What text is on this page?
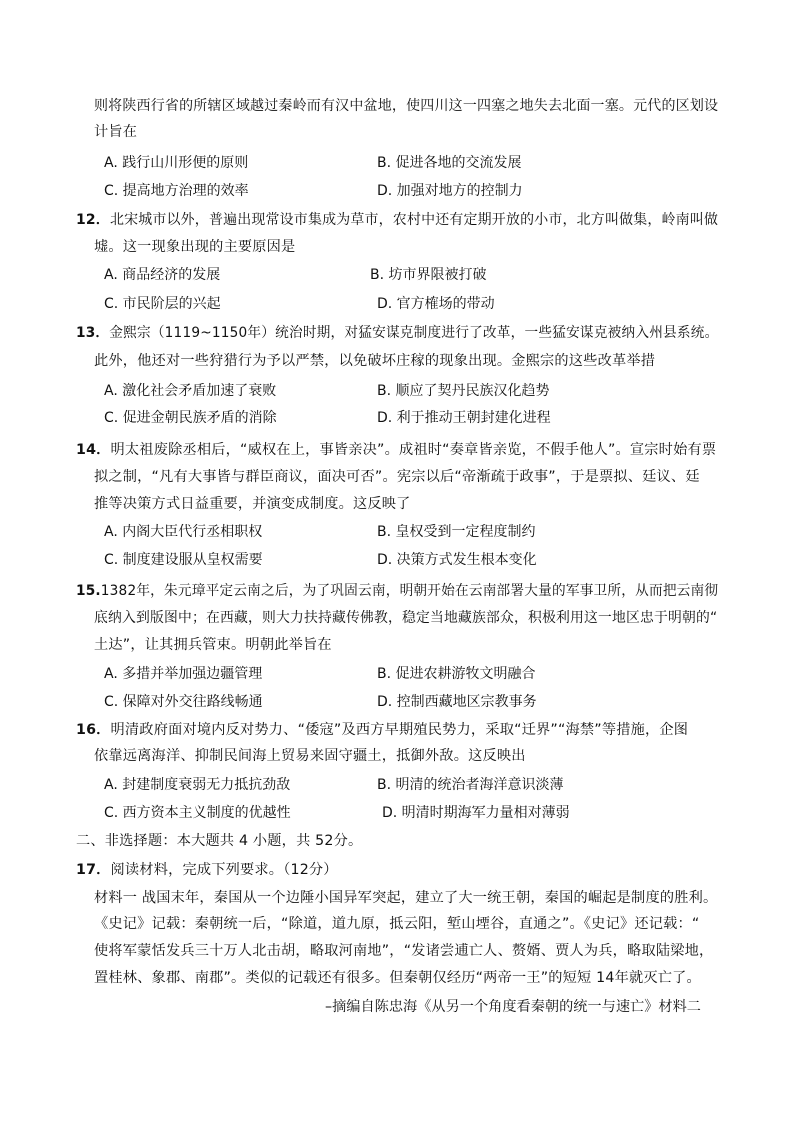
则将陕西行省的所辖区域越过秦岭而有汉中盆地，使四川这一四塞之地失去北面一塞。元代的区划设
计旨在
A. 践行山川形便的原则	B. 促进各地的交流发展
C. 提高地方治理的效率	D. 加强对地方的控制力
12．北宋城市以外，普遍出现常设市集成为草市，农村中还有定期开放的小市，北方叫做集，岭南叫做
墟。这一现象出现的主要原因是
A. 商品经济的发展	B. 坊市界限被打破
C. 市民阶层的兴起	D. 官方榷场的带动
13．金熙宗（1119~1150年）统治时期，对猛安谋克制度进行了改革，一些猛安谋克被纳入州县系统。
此外，他还对一些狩猎行为予以严禁，以免破坏庄稼的现象出现。金熙宗的这些改革举措
A. 激化社会矛盾加速了衰败	B. 顺应了契丹民族汉化趋势
C. 促进金朝民族矛盾的消除	D. 利于推动王朝封建化进程
14．明太祖废除丞相后，“威权在上，事皆亲决”。成祖时“奏章皆亲览，不假手他人”。宣宗时始有票
拟之制，“凡有大事皆与群臣商议，面决可否”。宪宗以后“帝渐疏于政事”，于是票拟、廷议、廷
推等决策方式日益重要，并演变成制度。这反映了
A. 内阁大臣代行丞相职权	B. 皇权受到一定程度制约
C. 制度建设服从皇权需要	D. 决策方式发生根本变化
15.1382年，朱元璋平定云南之后，为了巩固云南，明朝开始在云南部署大量的军事卫所，从而把云南彻
底纳入到版图中；在西藏，则大力扶持藏传佛教，稳定当地藏族部众，积极利用这一地区忠于明朝的“
土达”，让其拥兵管束。明朝此举旨在
A. 多措并举加强边疆管理	B. 促进农耕游牧文明融合
C. 保障对外交往路线畅通	D. 控制西藏地区宗教事务
16．明清政府面对境内反对势力、“倭寇”及西方早期殖民势力，采取“迁界”“海禁”等措施，企图
依靠远离海洋、抑制民间海上贸易来固守疆土，抵御外敌。这反映出
A. 封建制度衰弱无力抵抗劲敌	B. 明清的统治者海洋意识淡薄
C. 西方资本主义制度的优越性	D. 明清时期海军力量相对薄弱
二、非选择题：本大题共 4 小题，共 52分。
17．阅读材料，完成下列要求。（12分）
材料一 战国末年，秦国从一个边陲小国异军突起，建立了大一统王朝，秦国的崛起是制度的胜利。
《史记》记载：秦朝统一后，“除道，道九原，抵云阳，堑山堙谷，直通之”。《史记》还记载：“
使将军蒙恬发兵三十万人北击胡，略取河南地”，“发诸尝逋亡人、赘婿、贾人为兵，略取陆梁地，
置桂林、象郡、南郡”。类似的记载还有很多。但秦朝仅经历“两帝一王”的短短 14年就灭亡了。
–摘编自陈忠海《从另一个角度看秦朝的统一与速亡》材料二
